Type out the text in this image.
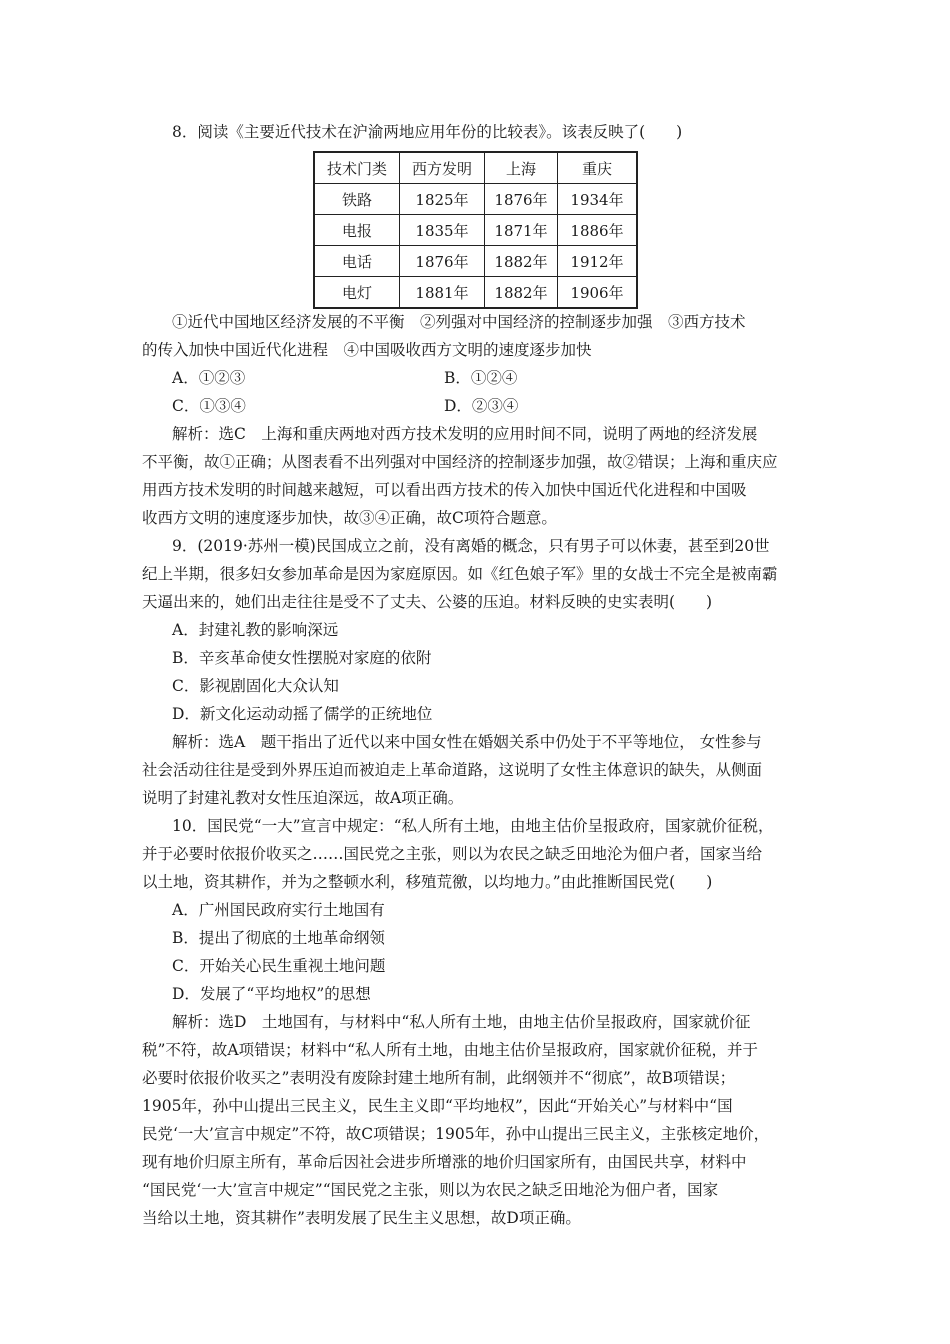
8．阅读《主要近代技术在沪渝两地应用年份的比较表》。该表反映了(　　)
技术门类	西方发明	上海	重庆
铁路	1825年	1876年	1934年
电报	1835年	1871年	1886年
电话	1876年	1882年	1912年
电灯	1881年	1882年	1906年
①近代中国地区经济发展的不平衡　②列强对中国经济的控制逐步加强　③西方技术
的传入加快中国近代化进程　④中国吸收西方文明的速度逐步加快
A．①②③	B．①②④
C．①③④	D．②③④
解析：选C　上海和重庆两地对西方技术发明的应用时间不同，说明了两地的经济发展
不平衡，故①正确；从图表看不出列强对中国经济的控制逐步加强，故②错误；上海和重庆应
用西方技术发明的时间越来越短，可以看出西方技术的传入加快中国近代化进程和中国吸
收西方文明的速度逐步加快，故③④正确，故C项符合题意。
9．(2019·苏州一模)民国成立之前，没有离婚的概念，只有男子可以休妻，甚至到20世
纪上半期，很多妇女参加革命是因为家庭原因。如《红色娘子军》里的女战士不完全是被南霸
天逼出来的，她们出走往往是受不了丈夫、公婆的压迫。材料反映的史实表明(　　)
A．封建礼教的影响深远
B．辛亥革命使女性摆脱对家庭的依附
C．影视剧固化大众认知
D．新文化运动动摇了儒学的正统地位
解析：选A　题干指出了近代以来中国女性在婚姻关系中仍处于不平等地位， 女性参与
社会活动往往是受到外界压迫而被迫走上革命道路，这说明了女性主体意识的缺失，从侧面
说明了封建礼教对女性压迫深远，故A项正确。
10．国民党“一大”宣言中规定：“私人所有土地，由地主估价呈报政府，国家就价征税，
并于必要时依报价收买之……国民党之主张，则以为农民之缺乏田地沦为佃户者，国家当给
以土地，资其耕作，并为之整顿水利，移殖荒徼，以均地力。”由此推断国民党(　　)
A．广州国民政府实行土地国有
B．提出了彻底的土地革命纲领
C．开始关心民生重视土地问题
D．发展了“平均地权”的思想
解析：选D　土地国有，与材料中“私人所有土地，由地主估价呈报政府，国家就价征
税”不符，故A项错误；材料中“私人所有土地，由地主估价呈报政府，国家就价征税，并于
必要时依报价收买之”表明没有废除封建土地所有制，此纲领并不“彻底”，故B项错误；
1905年，孙中山提出三民主义，民生主义即“平均地权”，因此“开始关心”与材料中“国
民党‘一大’宣言中规定”不符，故C项错误；1905年，孙中山提出三民主义，主张核定地价，
现有地价归原主所有，革命后因社会进步所增涨的地价归国家所有，由国民共享，材料中
“国民党‘一大’宣言中规定”“国民党之主张，则以为农民之缺乏田地沦为佃户者，国家
当给以土地，资其耕作”表明发展了民生主义思想，故D项正确。
